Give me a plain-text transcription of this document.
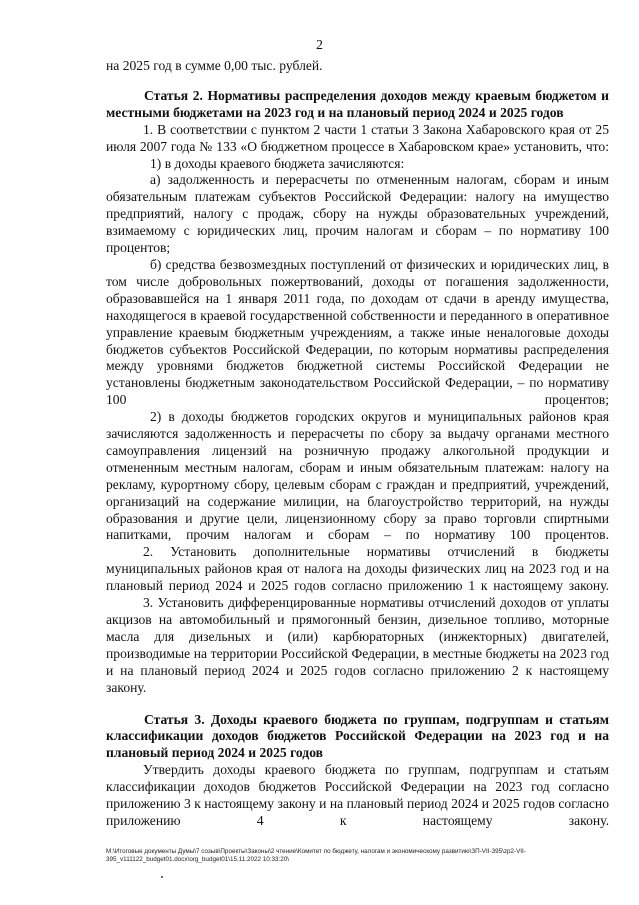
2

на 2025 год в сумме 0,00 тыс. рублей.

Статья 2. Нормативы распределения доходов между краевым бюджетом и местными бюджетами на 2023 год и на плановый период 2024 и 2025 годов

1. В соответствии с пунктом 2 части 1 статьи 3 Закона Хабаровского края от 25 июля 2007 года № 133 «О бюджетном процессе в Хабаровском крае» установить, что:

1) в доходы краевого бюджета зачисляются:

а) задолженность и перерасчеты по отмененным налогам, сборам и иным обязательным платежам субъектов Российской Федерации: налогу на имущество предприятий, налогу с продаж, сбору на нужды образовательных учреждений, взимаемому с юридических лиц, прочим налогам и сборам – по нормативу 100 процентов;

б) средства безвозмездных поступлений от физических и юридических лиц, в том числе добровольных пожертвований, доходы от погашения задолженности, образовавшейся на 1 января 2011 года, по доходам от сдачи в аренду имущества, находящегося в краевой государственной собственности и переданного в оперативное управление краевым бюджетным учреждениям, а также иные неналоговые доходы бюджетов субъектов Российской Федерации, по которым нормативы распределения между уровнями бюджетов бюджетной системы Российской Федерации не установлены бюджетным законодательством Российской Федерации, – по нормативу 100 процентов;

2) в доходы бюджетов городских округов и муниципальных районов края зачисляются задолженность и перерасчеты по сбору за выдачу органами местного самоуправления лицензий на розничную продажу алкогольной продукции и отмененным местным налогам, сборам и иным обязательным платежам: налогу на рекламу, курортному сбору, целевым сборам с граждан и предприятий, учреждений, организаций на содержание милиции, на благоустройство территорий, на нужды образования и другие цели, лицензионному сбору за право торговли спиртными напитками, прочим налогам и сборам – по нормативу 100 процентов.

2. Установить дополнительные нормативы отчислений в бюджеты муниципальных районов края от налога на доходы физических лиц на 2023 год и на плановый период 2024 и 2025 годов согласно приложению 1 к настоящему закону.

3. Установить дифференцированные нормативы отчислений доходов от уплаты акцизов на автомобильный и прямогонный бензин, дизельное топливо, моторные масла для дизельных и (или) карбюраторных (инжекторных) двигателей, производимые на территории Российской Федерации, в местные бюджеты на 2023 год и на плановый период 2024 и 2025 годов согласно приложению 2 к настоящему закону.

Статья 3. Доходы краевого бюджета по группам, подгруппам и статьям классификации доходов бюджетов Российской Федерации на 2023 год и на плановый период 2024 и 2025 годов

Утвердить доходы краевого бюджета по группам, подгруппам и статьям классификации доходов бюджетов Российской Федерации на 2023 год согласно приложению 3 к настоящему закону и на плановый период 2024 и 2025 годов согласно приложению 4 к настоящему закону.

M:\Итоговые документы Думы\7 созыв\Проекты\Законы\2 чтение\Комитет по бюджету, налогам и экономическому развитию\ЗП-VII-395\zp2-VII-

395_v111122_budget01.docx\org_budget01\15.11.2022 10:33:20\
